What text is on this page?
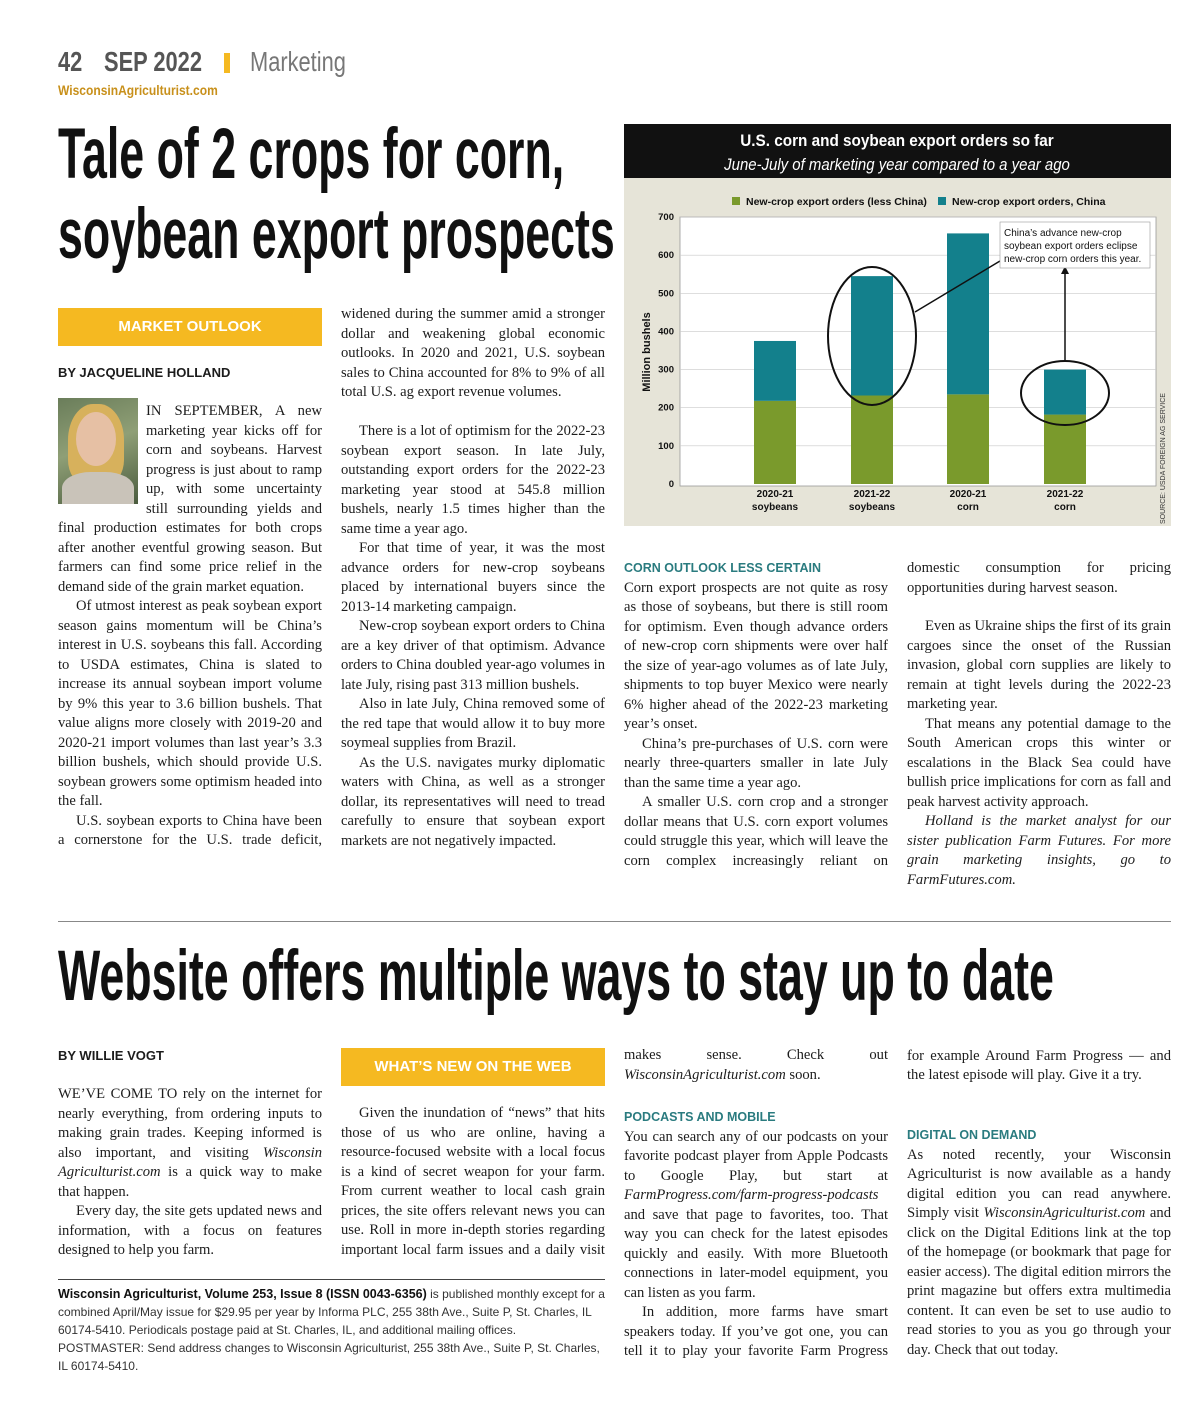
42 SEP 2022 Marketing
WisconsinAgriculturist.com
Tale of 2 crops for corn,
soybean export prospects
U.S. corn and soybean export orders so far
June-July of marketing year compared to a year ago
New-crop export orders (less China) New-crop export orders, China
700
600
500
400
300
200
100
0
2020-21
soybeans
2021-22
soybeans
2020-21
corn
2021-22
corn
Million bushels
China’s advance new-crop
soybean export orders eclipse
new-crop corn orders this year.
SOURCE: USDA FOREIGN AG SERVICE
MARKET OUTLOOK
BY JACQUELINE HOLLAND

IN SEPTEMBER, A new marketing year kicks off for corn and soybeans. Harvest progress is just about to ramp up, with some uncertainty still surrounding yields and final production estimates for both crops after another eventful growing season. But farmers can find some price relief in the demand side of the grain market equation.

Of utmost interest as peak soybean export season gains momentum will be China’s interest in U.S. soybeans this fall. According to USDA estimates, China is slated to increase its annual soybean import volume by 9% this year to 3.6 billion bushels. That value aligns more closely with 2019-20 and 2020-21 import volumes than last year’s 3.3 billion bushels, which should provide U.S. soybean growers some optimism headed into the fall.

U.S. soybean exports to China have been a cornerstone for the U.S. trade deficit,

widened during the summer amid a stronger dollar and weakening global economic outlooks. In 2020 and 2021, U.S. soybean sales to China accounted for 8% to 9% of all total U.S. ag export revenue volumes.

There is a lot of optimism for the 2022-23 soybean export season. In late July, outstanding export orders for the 2022-23 marketing year stood at 545.8 million bushels, nearly 1.5 times higher than the same time a year ago.

For that time of year, it was the most advance orders for new-crop soybeans placed by international buyers since the 2013-14 marketing campaign.

New-crop soybean export orders to China are a key driver of that optimism. Advance orders to China doubled year-ago volumes in late July, rising past 313 million bushels.

Also in late July, China removed some of the red tape that would allow it to buy more soymeal supplies from Brazil.

As the U.S. navigates murky diplomatic waters with China, as well as a stronger dollar, its representatives will need to tread carefully to ensure that soybean export markets are not negatively impacted.

CORN OUTLOOK LESS CERTAIN

Corn export prospects are not quite as rosy as those of soybeans, but there is still room for optimism. Even though advance orders of new-crop corn shipments were over half the size of year-ago volumes as of late July, shipments to top buyer Mexico were nearly 6% higher ahead of the 2022-23 marketing year’s onset.

China’s pre-purchases of U.S. corn were nearly three-quarters smaller in late July than the same time a year ago.

A smaller U.S. corn crop and a stronger dollar means that U.S. corn export volumes could struggle this year, which will leave the corn complex increasingly reliant on

domestic consumption for pricing opportunities during harvest season.

Even as Ukraine ships the first of its grain cargoes since the onset of the Russian invasion, global corn supplies are likely to remain at tight levels during the 2022-23 marketing year.

That means any potential damage to the South American crops this winter or escalations in the Black Sea could have bullish price implications for corn as fall and peak harvest activity approach.

Holland is the market analyst for our sister publication Farm Futures. For more grain marketing insights, go to FarmFutures.com.

Website offers multiple ways to stay up to date
BY WILLIE VOGT

WE’VE COME TO rely on the internet for nearly everything, from ordering inputs to making grain trades. Keeping informed is also important, and visiting Wisconsin Agriculturist.com is a quick way to make that happen.

Every day, the site gets updated news and information, with a focus on features designed to help you farm.

WHAT’S NEW ON THE WEB

Given the inundation of “news” that hits those of us who are online, having a resource-focused website with a local focus is a kind of secret weapon for your farm. From current weather to local cash grain prices, the site offers relevant news you can use. Roll in more in-depth stories regarding important local farm issues and a daily visit

Wisconsin Agriculturist, Volume 253, Issue 8 (ISSN 0043-6356) is published monthly except for a combined April/May issue for $29.95 per year by Informa PLC, 255 38th Ave., Suite P, St. Charles, IL 60174-5410. Periodicals postage paid at St. Charles, IL, and additional mailing offices. POSTMASTER: Send address changes to Wisconsin Agriculturist, 255 38th Ave., Suite P, St. Charles, IL 60174-5410.

makes sense. Check out WisconsinAgriculturist.com soon.

PODCASTS AND MOBILE

You can search any of our podcasts on your favorite podcast player from Apple Podcasts to Google Play, but start at FarmProgress.com/farm-progress-podcasts and save that page to favorites, too. That way you can check for the latest episodes quickly and easily. With more Bluetooth connections in later-model equipment, you can listen as you farm.

In addition, more farms have smart speakers today. If you’ve got one, you can tell it to play your favorite Farm Progress

for example Around Farm Progress — and the latest episode will play. Give it a try.

DIGITAL ON DEMAND

As noted recently, your Wisconsin Agriculturist is now available as a handy digital edition you can read anywhere. Simply visit WisconsinAgriculturist.com and click on the Digital Editions link at the top of the homepage (or bookmark that page for easier access). The digital edition mirrors the print magazine but offers extra multimedia content. It can even be set to use audio to read stories to you as you go through your day. Check that out today.
